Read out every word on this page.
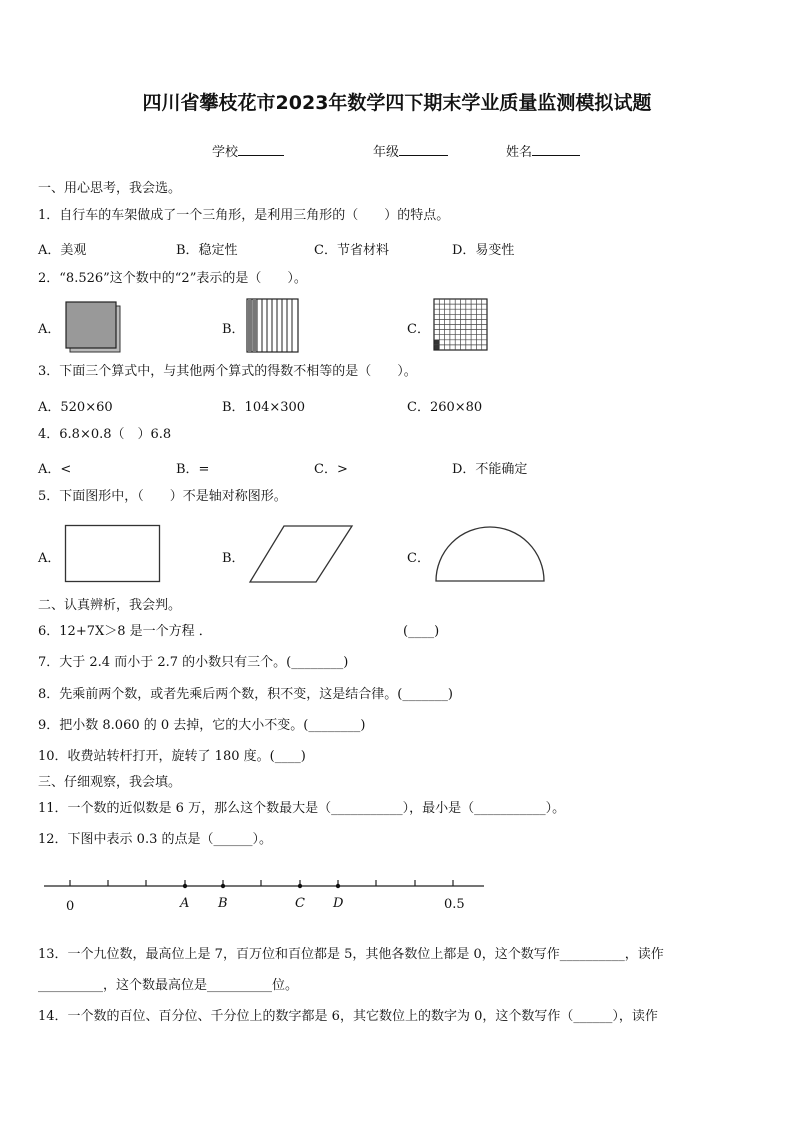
四川省攀枝花市2023年数学四下期末学业质量监测模拟试题
学校	年级	姓名
一、用心思考，我会选。
1．自行车的车架做成了一个三角形，是利用三角形的（　　）的特点。
A．美观	B．稳定性	C．节省材料	D．易变性
2．“8.526”这个数中的“2”表示的是（　　）。
A．	B．	C．
3．下面三个算式中，与其他两个算式的得数不相等的是（　　）。
A．520×60	B．104×300	C．260×80
4．6.8×0.8（　）6.8
A．<	B．=	C．>	D．不能确定
5．下面图形中，（　　）不是轴对称图形。
A．	B．	C．
二、认真辨析，我会判。
6．12+7X＞8 是一个方程 ．	(____)
7．大于 2.4 而小于 2.7 的小数只有三个。(________)
8．先乘前两个数，或者先乘后两个数，积不变，这是结合律。(_______)
9．把小数 8.060 的 0 去掉，它的大小不变。(________)
10．收费站转杆打开，旋转了 180 度。(____)
三、仔细观察，我会填。
11．一个数的近似数是 6 万，那么这个数最大是（___________），最小是（___________）。
12．下图中表示 0.3 的点是（______）。
0	A B	C D	0.5
13．一个九位数，最高位上是 7，百万位和百位都是 5，其他各数位上都是 0，这个数写作__________，读作
__________，这个数最高位是__________位。
14．一个数的百位、百分位、千分位上的数字都是 6，其它数位上的数字为 0，这个数写作（______），读作
